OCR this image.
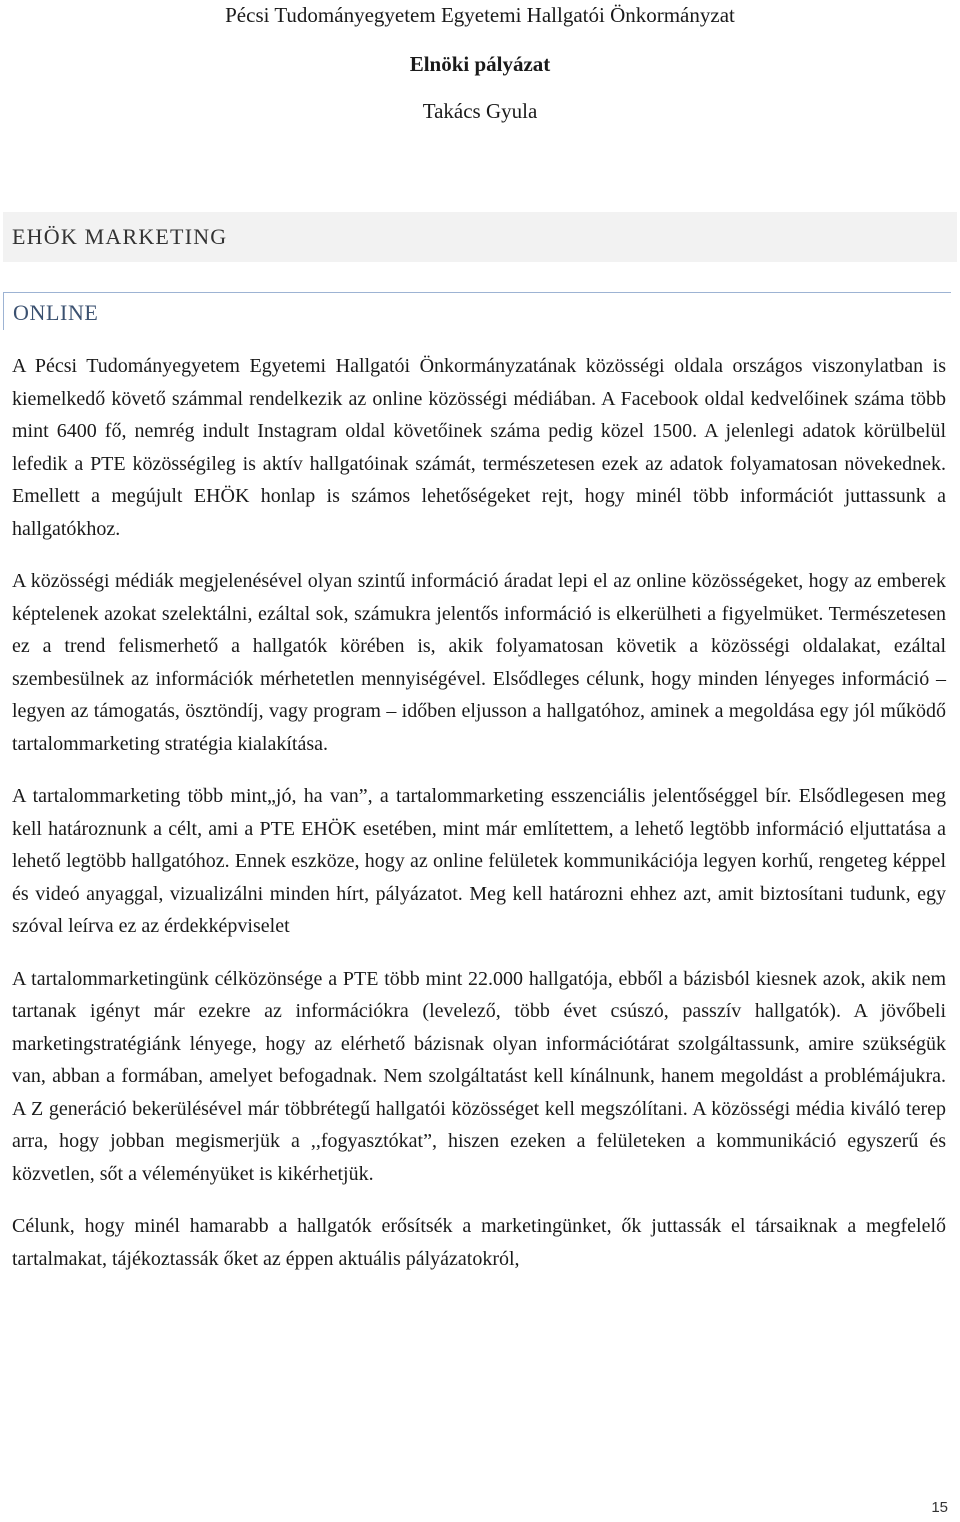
Pécsi Tudományegyetem Egyetemi Hallgatói Önkormányzat
Elnöki pályázat
Takács Gyula
EHÖK MARKETING
ONLINE

A Pécsi Tudományegyetem Egyetemi Hallgatói Önkormányzatának közösségi oldala országos viszonylatban is kiemelkedő követő számmal rendelkezik az online közösségi médiában. A Facebook oldal kedvelőinek száma több mint 6400 fő, nemrég indult Instagram oldal követőinek száma pedig közel 1500. A jelenlegi adatok körülbelül lefedik a PTE közösségileg is aktív hallgatóinak számát, természetesen ezek az adatok folyamatosan növekednek. Emellett a megújult EHÖK honlap is számos lehetőségeket rejt, hogy minél több információt juttassunk a hallgatókhoz.

A közösségi médiák megjelenésével olyan szintű információ áradat lepi el az online közösségeket, hogy az emberek képtelenek azokat szelektálni, ezáltal sok, számukra jelentős információ is elkerülheti a figyelmüket. Természetesen ez a trend felismerhető a hallgatók körében is, akik folyamatosan követik a közösségi oldalakat, ezáltal szembesülnek az információk mérhetetlen mennyiségével. Elsődleges célunk, hogy minden lényeges információ – legyen az támogatás, ösztöndíj, vagy program – időben eljusson a hallgatóhoz, aminek a megoldása egy jól működő tartalommarketing stratégia kialakítása.

A tartalommarketing több mint„jó, ha van”, a tartalommarketing esszenciális jelentőséggel bír. Elsődlegesen meg kell határoznunk a célt, ami a PTE EHÖK esetében, mint már említettem, a lehető legtöbb információ eljuttatása a lehető legtöbb hallgatóhoz. Ennek eszköze, hogy az online felületek kommunikációja legyen korhű, rengeteg képpel és videó anyaggal, vizualizálni minden hírt, pályázatot. Meg kell határozni ehhez azt, amit biztosítani tudunk, egy szóval leírva ez az érdekképviselet

A tartalommarketingünk célközönsége a PTE több mint 22.000 hallgatója, ebből a bázisból kiesnek azok, akik nem tartanak igényt már ezekre az információkra (levelező, több évet csúszó, passzív hallgatók). A jövőbeli marketingstratégiánk lényege, hogy az elérhető bázisnak olyan információtárat szolgáltassunk, amire szükségük van, abban a formában, amelyet befogadnak. Nem szolgáltatást kell kínálnunk, hanem megoldást a problémájukra. A Z generáció bekerülésével már többrétegű hallgatói közösséget kell megszólítani. A közösségi média kiváló terep arra, hogy jobban megismerjük a ,,fogyasztókat”, hiszen ezeken a felületeken a kommunikáció egyszerű és közvetlen, sőt a véleményüket is kikérhetjük.

Célunk, hogy minél hamarabb a hallgatók erősítsék a marketingünket, ők juttassák el társaiknak a megfelelő tartalmakat, tájékoztassák őket az éppen aktuális pályázatokról,

15
